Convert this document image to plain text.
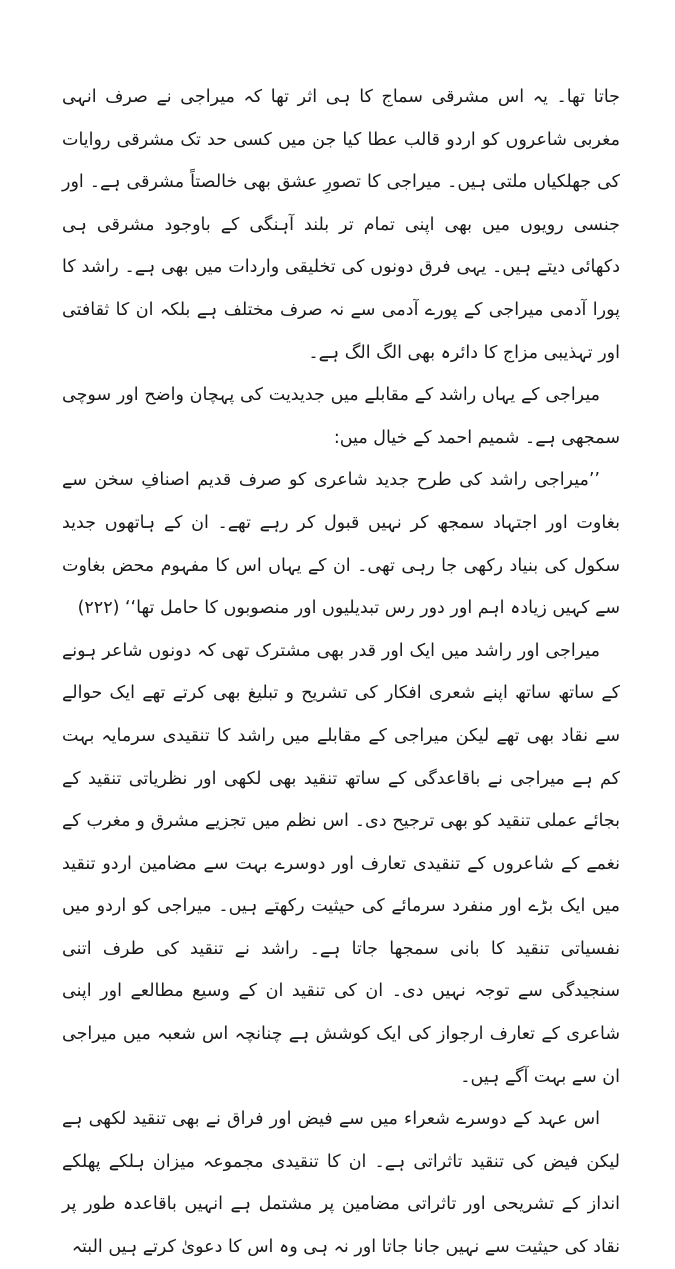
جاتا تھا۔ یہ اس مشرقی سماج کا ہی اثر تھا کہ میراجی نے صرف انہی مغربی شاعروں کو اردو قالب عطا کیا جن میں کسی حد تک مشرقی روایات کی جھلکیاں ملتی ہیں۔ میراجی کا تصورِ عشق بھی خالصتاً مشرقی ہے۔ اور جنسی رویوں میں بھی اپنی تمام تر بلند آہنگی کے باوجود مشرقی ہی دکھائی دیتے ہیں۔ یہی فرق دونوں کی تخلیقی واردات میں بھی ہے۔ راشد کا پورا آدمی میراجی کے پورے آدمی سے نہ صرف مختلف ہے بلکہ ان کا ثقافتی اور تہذیبی مزاج کا دائرہ بھی الگ الگ ہے۔

میراجی کے یہاں راشد کے مقابلے میں جدیدیت کی پہچان واضح اور سوچی سمجھی ہے۔ شمیم احمد کے خیال میں:

’’میراجی راشد کی طرح جدید شاعری کو صرف قدیم اصنافِ سخن سے بغاوت اور اجتہاد سمجھ کر نہیں قبول کر رہے تھے۔ ان کے ہاتھوں جدید سکول کی بنیاد رکھی جا رہی تھی۔ ان کے یہاں اس کا مفہوم محض بغاوت سے کہیں زیادہ اہم اور دور رس تبدیلیوں اور منصوبوں کا حامل تھا‘‘ (۲۲۲)

میراجی اور راشد میں ایک اور قدر بھی مشترک تھی کہ دونوں شاعر ہونے کے ساتھ ساتھ اپنے شعری افکار کی تشریح و تبلیغ بھی کرتے تھے ایک حوالے سے نقاد بھی تھے لیکن میراجی کے مقابلے میں راشد کا تنقیدی سرمایہ بہت کم ہے میراجی نے باقاعدگی کے ساتھ تنقید بھی لکھی اور نظریاتی تنقید کے بجائے عملی تنقید کو بھی ترجیح دی۔ اس نظم میں تجزیے مشرق و مغرب کے نغمے کے شاعروں کے تنقیدی تعارف اور دوسرے بہت سے مضامین اردو تنقید میں ایک بڑے اور منفرد سرمائے کی حیثیت رکھتے ہیں۔ میراجی کو اردو میں نفسیاتی تنقید کا بانی سمجھا جاتا ہے۔ راشد نے تنقید کی طرف اتنی سنجیدگی سے توجہ نہیں دی۔ ان کی تنقید ان کے وسیع مطالعے اور اپنی شاعری کے تعارف ارجواز کی ایک کوشش ہے چنانچہ اس شعبہ میں میراجی ان سے بہت آگے ہیں۔

اس عہد کے دوسرے شعراء میں سے فیض اور فراق نے بھی تنقید لکھی ہے لیکن فیض کی تنقید تاثراتی ہے۔ ان کا تنقیدی مجموعہ میزان ہلکے پھلکے انداز کے تشریحی اور تاثراتی مضامین پر مشتمل ہے انہیں باقاعدہ طور پر نقاد کی حیثیت سے نہیں جانا جاتا اور نہ ہی وہ اس کا دعویٰ کرتے ہیں البتہ
